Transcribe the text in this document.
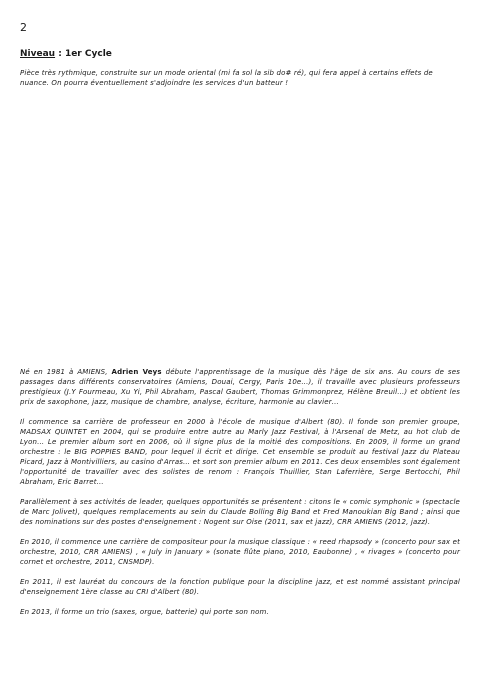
2
Niveau : 1er Cycle

Pièce très rythmique, construite sur un mode oriental (mi fa sol la sib do# ré), qui fera appel à certains effets de nuance. On pourra éventuellement s'adjoindre les services d'un batteur !

Né en 1981 à AMIENS, Adrien Veys débute l'apprentissage de la musique dès l'âge de six ans. Au cours de ses passages dans différents conservatoires (Amiens, Douai, Cergy, Paris 10e…), il travaille avec plusieurs professeurs prestigieux (J.Y Fourmeau, Xu Yi, Phil Abraham, Pascal Gaubert, Thomas Grimmonprez, Hélène Breuil…) et obtient les prix de saxophone, jazz, musique de chambre, analyse, écriture, harmonie au clavier…

Il commence sa carrière de professeur en 2000 à l'école de musique d'Albert (80). Il fonde son premier groupe, MADSAX QUINTET en 2004, qui se produire entre autre au Marly Jazz Festival, à l'Arsenal de Metz, au hot club de Lyon… Le premier album sort en 2006, où il signe plus de la moitié des compositions. En 2009, il forme un grand orchestre : le BIG POPPIES BAND, pour lequel il écrit et dirige. Cet ensemble se produit au festival Jazz du Plateau Picard, Jazz à Montivilliers, au casino d'Arras… et sort son premier album en 2011. Ces deux ensembles sont également l'opportunité de travailler avec des solistes de renom : François Thuillier, Stan Laferrière, Serge Bertocchi, Phil Abraham, Eric Barret…

Parallèlement à ses activités de leader, quelques opportunités se présentent : citons le « comic symphonic » (spectacle de Marc Jolivet), quelques remplacements au sein du Claude Bolling Big Band et Fred Manoukian Big Band ; ainsi que des nominations sur des postes d'enseignement : Nogent sur Oise (2011, sax et jazz), CRR AMIENS (2012, jazz).

En 2010, il commence une carrière de compositeur pour la musique classique : « reed rhapsody » (concerto pour sax et orchestre, 2010, CRR AMIENS) , « July in January » (sonate flûte piano, 2010, Eaubonne) , « rivages » (concerto pour cornet et orchestre, 2011, CNSMDP).

En 2011, il est lauréat du concours de la fonction publique pour la discipline jazz, et est nommé assistant principal d'enseignement 1ère classe au CRI d'Albert (80).

En 2013, il forme un trio (saxes, orgue, batterie) qui porte son nom.
